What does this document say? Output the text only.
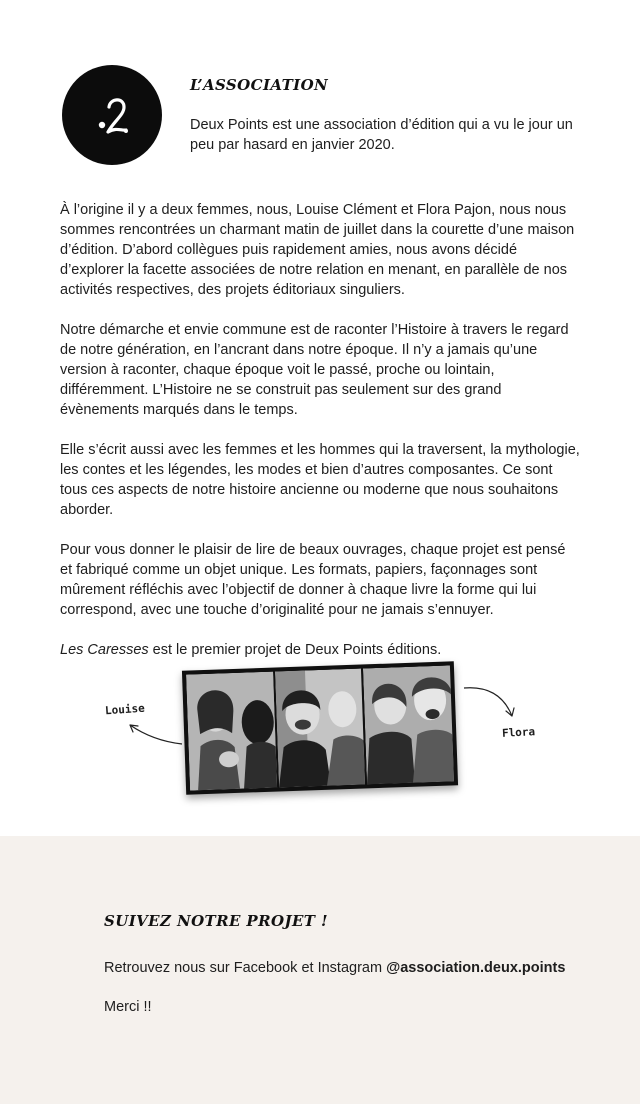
L’ASSOCIATION

Deux Points est une association d’édition qui a vu le jour un peu par hasard en janvier 2020.

À l’origine il y a deux femmes, nous, Louise Clément et Flora Pajon, nous nous sommes rencontrées un charmant matin de juillet dans la courette d’une maison d’édition. D’abord collègues puis rapidement amies, nous avons décidé d’explorer la facette associées de notre relation en menant, en parallèle de nos activités respectives, des projets éditoriaux singuliers.

Notre démarche et envie commune est de raconter l’Histoire à travers le regard de notre génération, en l’ancrant dans notre époque. Il n’y a jamais qu’une version à raconter, chaque époque voit le passé, proche ou lointain, différemment. L’Histoire ne se construit pas seulement sur des grand évènements marqués dans le temps.

Elle s’écrit aussi avec les femmes et les hommes qui la traversent, la mythologie, les contes et les légendes, les modes et bien d’autres composantes. Ce sont tous ces aspects de notre histoire ancienne ou moderne que nous souhaitons aborder.

Pour vous donner le plaisir de lire de beaux ouvrages, chaque projet est pensé et fabriqué comme un objet unique. Les formats, papiers, façonnages sont mûrement réfléchis avec l’objectif de donner à chaque livre la forme qui lui correspond, avec une touche d’originalité pour ne jamais s’ennuyer.

Les Caresses est le premier projet de Deux Points éditions.

Louise
Flora
SUIVEZ NOTRE PROJET !

Retrouvez nous sur Facebook et Instagram @association.deux.points

Merci !!
